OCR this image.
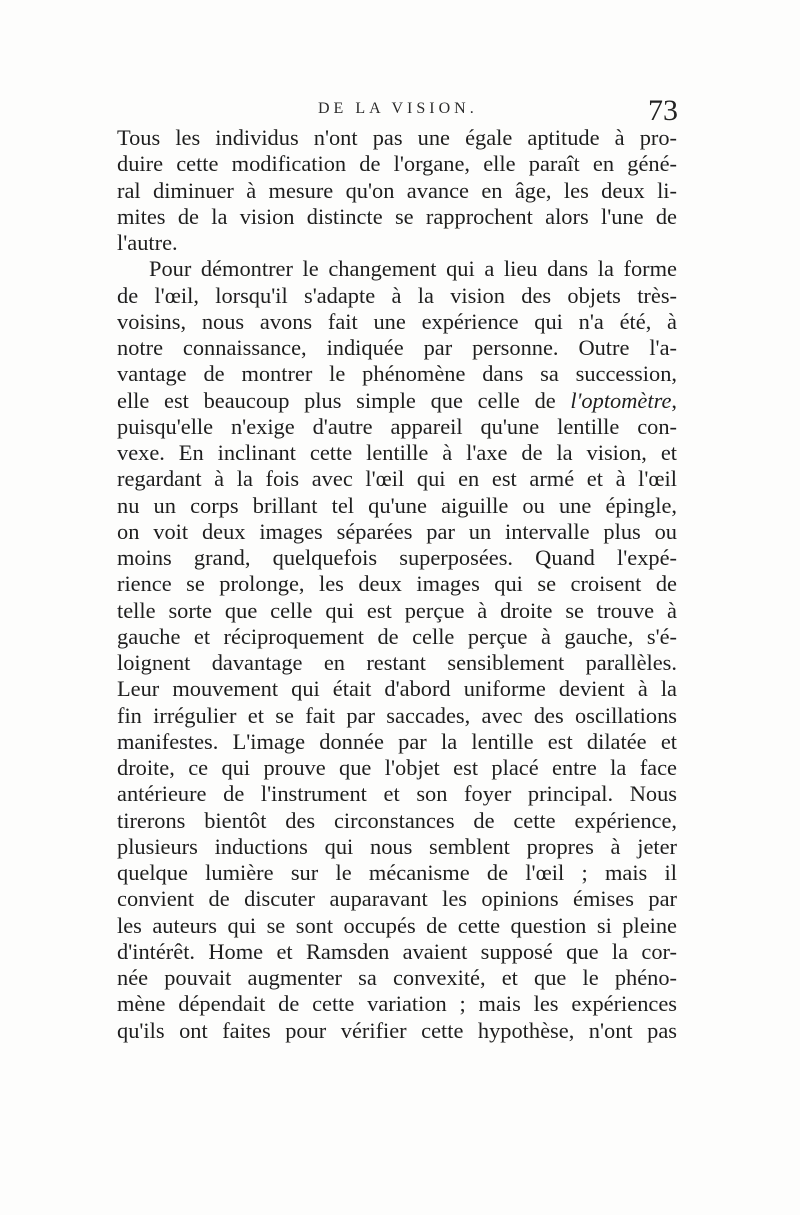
DE LA VISION.	73
Tous les individus n'ont pas une égale aptitude à pro-
duire cette modification de l'organe, elle paraît en géné-
ral diminuer à mesure qu'on avance en âge, les deux li-
mites de la vision distincte se rapprochent alors l'une de
l'autre.
Pour démontrer le changement qui a lieu dans la forme
de l'œil, lorsqu'il s'adapte à la vision des objets très-
voisins, nous avons fait une expérience qui n'a été, à
notre connaissance, indiquée par personne. Outre l'a-
vantage de montrer le phénomène dans sa succession,
elle est beaucoup plus simple que celle de l'optomètre,
puisqu'elle n'exige d'autre appareil qu'une lentille con-
vexe. En inclinant cette lentille à l'axe de la vision, et
regardant à la fois avec l'œil qui en est armé et à l'œil
nu un corps brillant tel qu'une aiguille ou une épingle,
on voit deux images séparées par un intervalle plus ou
moins grand, quelquefois superposées. Quand l'expé-
rience se prolonge, les deux images qui se croisent de
telle sorte que celle qui est perçue à droite se trouve à
gauche et réciproquement de celle perçue à gauche, s'é-
loignent davantage en restant sensiblement parallèles.
Leur mouvement qui était d'abord uniforme devient à la
fin irrégulier et se fait par saccades, avec des oscillations
manifestes. L'image donnée par la lentille est dilatée et
droite, ce qui prouve que l'objet est placé entre la face
antérieure de l'instrument et son foyer principal. Nous
tirerons bientôt des circonstances de cette expérience,
plusieurs inductions qui nous semblent propres à jeter
quelque lumière sur le mécanisme de l'œil ; mais il
convient de discuter auparavant les opinions émises par
les auteurs qui se sont occupés de cette question si pleine
d'intérêt. Home et Ramsden avaient supposé que la cor-
née pouvait augmenter sa convexité, et que le phéno-
mène dépendait de cette variation ; mais les expériences
qu'ils ont faites pour vérifier cette hypothèse, n'ont pas
